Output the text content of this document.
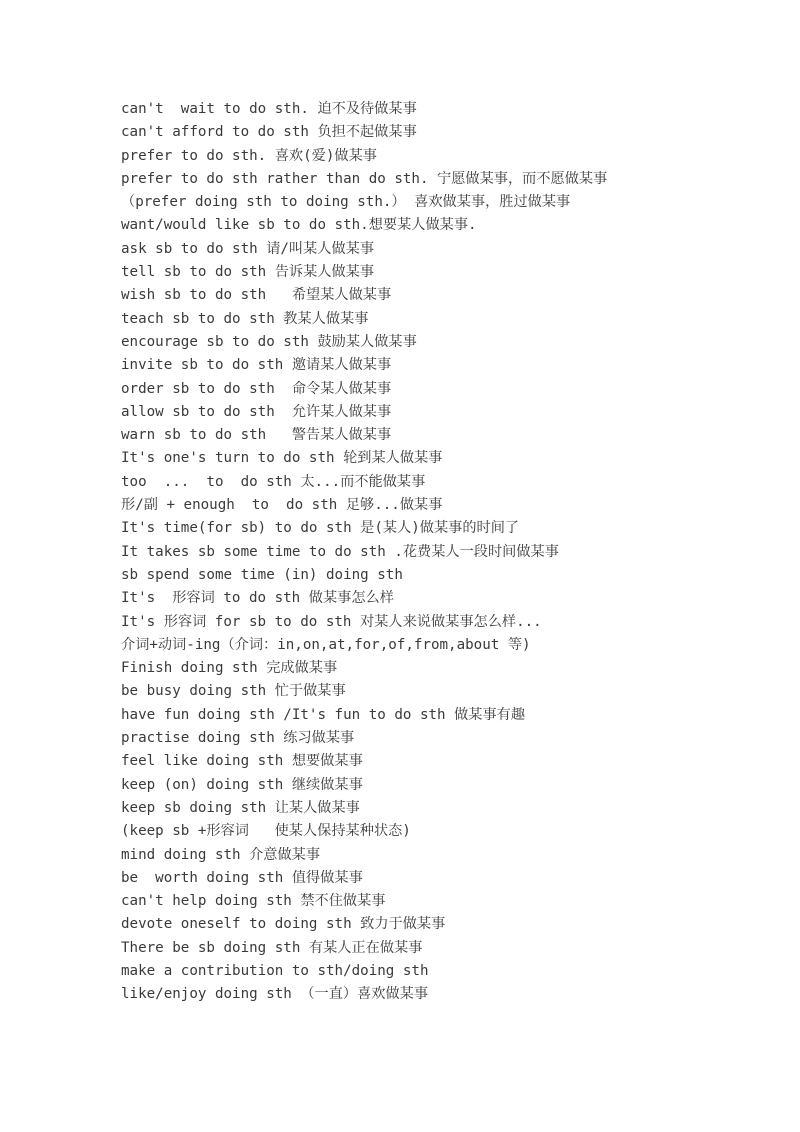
can't  wait to do sth. 迫不及待做某事
can't afford to do sth 负担不起做某事
prefer to do sth. 喜欢(爱)做某事
prefer to do sth rather than do sth. 宁愿做某事，而不愿做某事
（prefer doing sth to doing sth.） 喜欢做某事，胜过做某事
want/would like sb to do sth.想要某人做某事.
ask sb to do sth 请/叫某人做某事
tell sb to do sth 告诉某人做某事
wish sb to do sth   希望某人做某事
teach sb to do sth 教某人做某事
encourage sb to do sth 鼓励某人做某事
invite sb to do sth 邀请某人做某事
order sb to do sth  命令某人做某事
allow sb to do sth  允许某人做某事
warn sb to do sth   警告某人做某事
It's one's turn to do sth 轮到某人做某事
too  ...  to  do sth 太...而不能做某事
形/副 + enough  to  do sth 足够...做某事
It's time(for sb) to do sth 是(某人)做某事的时间了
It takes sb some time to do sth .花费某人一段时间做某事
sb spend some time (in) doing sth
It's  形容词 to do sth 做某事怎么样
It's 形容词 for sb to do sth 对某人来说做某事怎么样...
介词+动词-ing（介词：in,on,at,for,of,from,about 等)
Finish doing sth 完成做某事
be busy doing sth 忙于做某事
have fun doing sth /It's fun to do sth 做某事有趣
practise doing sth 练习做某事
feel like doing sth 想要做某事
keep (on) doing sth 继续做某事
keep sb doing sth 让某人做某事
(keep sb +形容词   使某人保持某种状态)
mind doing sth 介意做某事
be  worth doing sth 值得做某事
can't help doing sth 禁不住做某事
devote oneself to doing sth 致力于做某事
There be sb doing sth 有某人正在做某事
make a contribution to sth/doing sth
like/enjoy doing sth （一直）喜欢做某事
